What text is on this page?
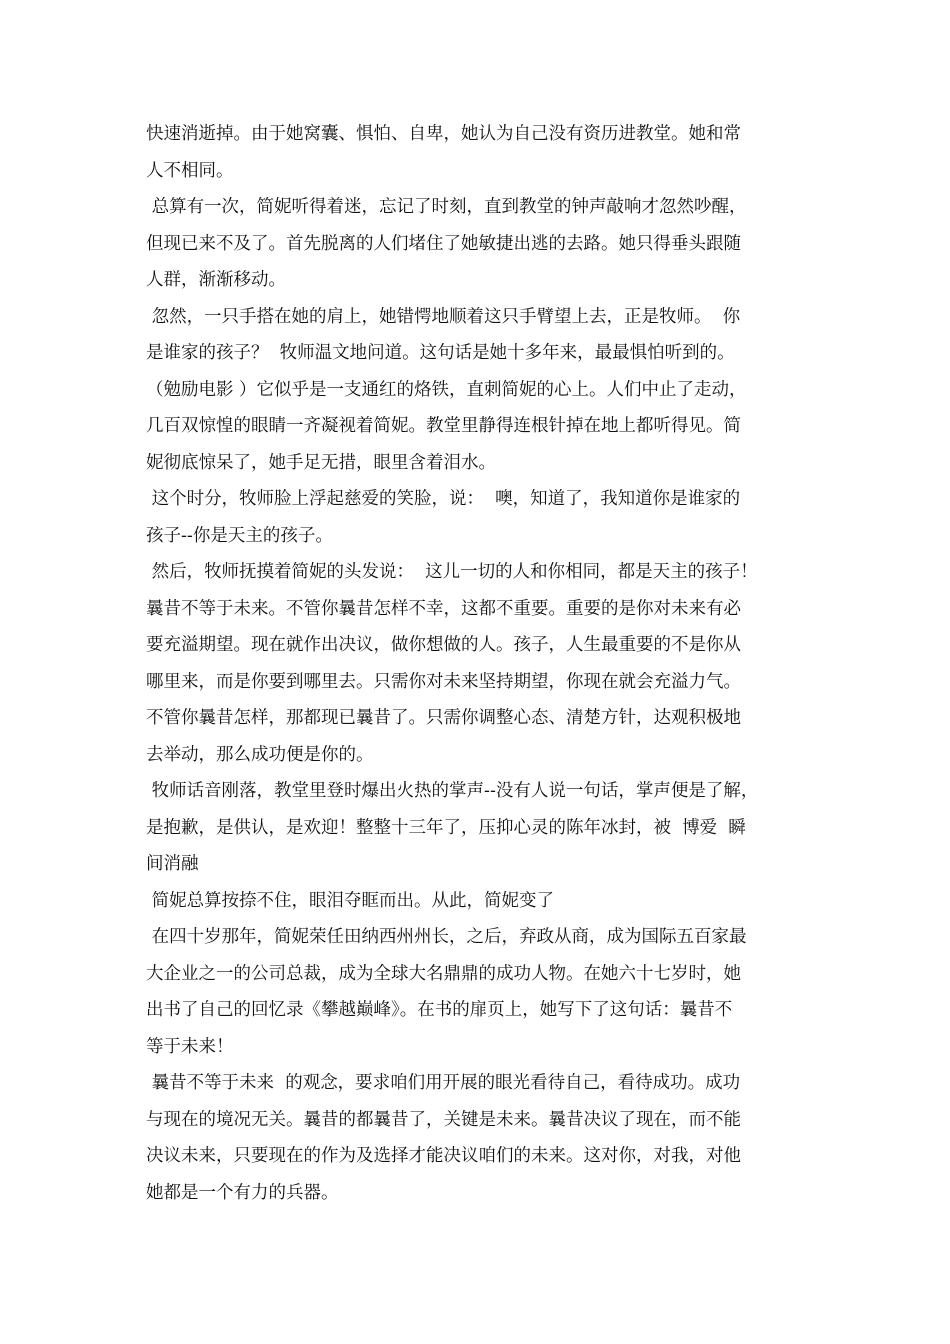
快速消逝掉。由于她窝囊、惧怕、自卑，她认为自己没有资历进教堂。她和常
人不相同。
总算有一次，简妮听得着迷，忘记了时刻，直到教堂的钟声敲响才忽然吵醒，
但现已来不及了。首先脱离的人们堵住了她敏捷出逃的去路。她只得垂头跟随
人群，渐渐移动。
忽然，一只手搭在她的肩上，她错愕地顺着这只手臂望上去，正是牧师。  你
是谁家的孩子？  牧师温文地问道。这句话是她十多年来，最最惧怕听到的。
（勉励电影 ）它似乎是一支通红的烙铁，直刺简妮的心上。人们中止了走动，
几百双惊惶的眼睛一齐凝视着简妮。教堂里静得连根针掉在地上都听得见。简
妮彻底惊呆了，她手足无措，眼里含着泪水。
这个时分，牧师脸上浮起慈爱的笑脸，说：  噢，知道了，我知道你是谁家的
孩子--你是天主的孩子。
然后，牧师抚摸着简妮的头发说：  这儿一切的人和你相同，都是天主的孩子！
曩昔不等于未来。不管你曩昔怎样不幸，这都不重要。重要的是你对未来有必
要充溢期望。现在就作出决议，做你想做的人。孩子，人生最重要的不是你从
哪里来，而是你要到哪里去。只需你对未来坚持期望，你现在就会充溢力气。
不管你曩昔怎样，那都现已曩昔了。只需你调整心态、清楚方针，达观积极地
去举动，那么成功便是你的。
牧师话音刚落，教堂里登时爆出火热的掌声--没有人说一句话，掌声便是了解，
是抱歉，是供认，是欢迎！整整十三年了，压抑心灵的陈年冰封，被  博爱  瞬
间消融
简妮总算按捺不住，眼泪夺眶而出。从此，简妮变了
在四十岁那年，简妮荣任田纳西州州长，之后，弃政从商，成为国际五百家最
大企业之一的公司总裁，成为全球大名鼎鼎的成功人物。在她六十七岁时，她
出书了自己的回忆录《攀越巅峰》。在书的扉页上，她写下了这句话：曩昔不
等于未来！
曩昔不等于未来  的观念，要求咱们用开展的眼光看待自己，看待成功。成功
与现在的境况无关。曩昔的都曩昔了，关键是未来。曩昔决议了现在，而不能
决议未来，只要现在的作为及选择才能决议咱们的未来。这对你，对我，对他
她都是一个有力的兵器。
